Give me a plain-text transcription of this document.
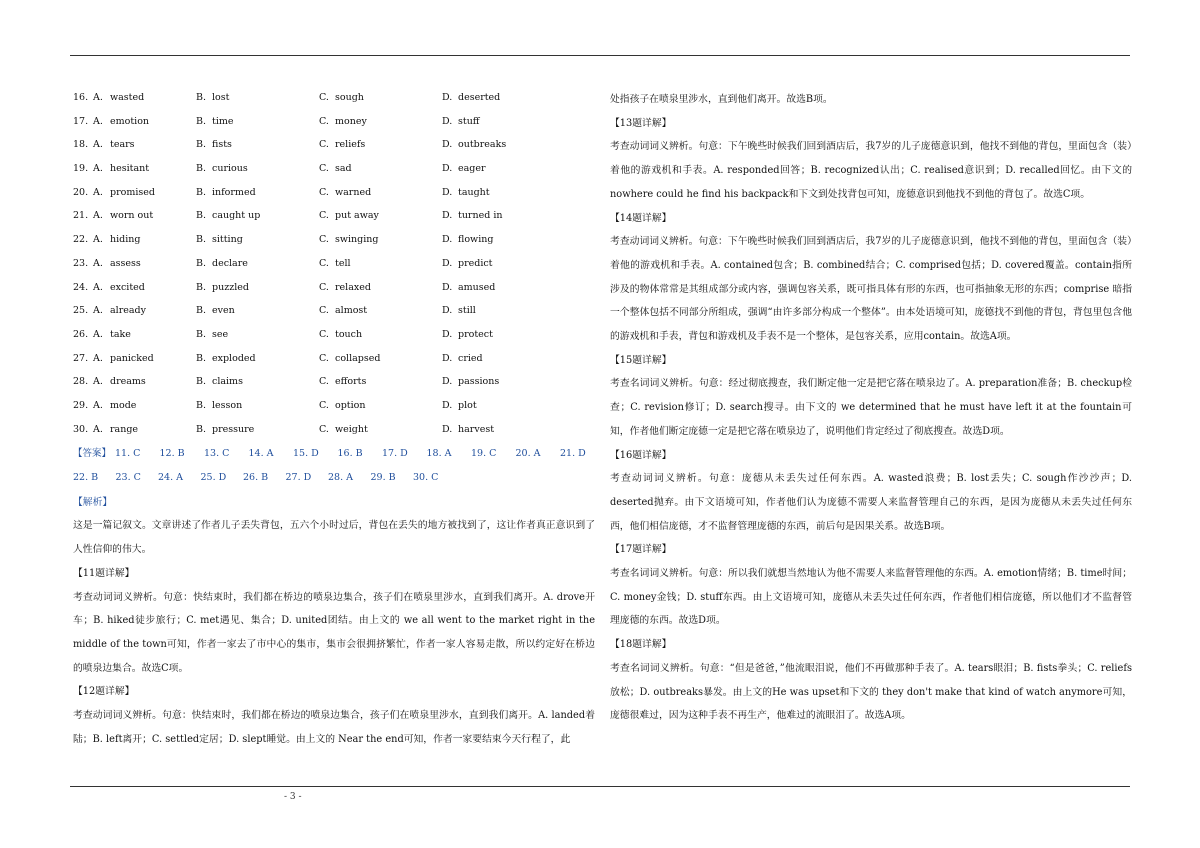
16. A. wasted	B. lost	C. sough	D. deserted
17. A. emotion	B. time	C. money	D. stuff
18. A. tears	B. fists	C. reliefs	D. outbreaks
19. A. hesitant	B. curious	C. sad	D. eager
20. A. promised	B. informed	C. warned	D. taught
21. A. worn out	B. caught up	C. put away	D. turned in
22. A. hiding	B. sitting	C. swinging	D. flowing
23. A. assess	B. declare	C. tell	D. predict
24. A. excited	B. puzzled	C. relaxed	D. amused
25. A. already	B. even	C. almost	D. still
26. A. take	B. see	C. touch	D. protect
27. A. panicked	B. exploded	C. collapsed	D. cried
28. A. dreams	B. claims	C. efforts	D. passions
29. A. mode	B. lesson	C. option	D. plot
30. A. range	B. pressure	C. weight	D. harvest
【答案】 11. C 12. B 13. C 14. A 15. D 16. B 17. D 18. A 19. C 20. A 21. D
22. B 23. C 24. A 25. D 26. B 27. D 28. A 29. B 30. C

【解析】

这是一篇记叙文。文章讲述了作者儿子丢失背包，五六个小时过后，背包在丢失的地方被找到了，这让作者真正意识到了人性信仰的伟大。

【11题详解】

考查动词词义辨析。句意：快结束时，我们都在桥边的喷泉边集合，孩子们在喷泉里涉水，直到我们离开。A. drove开车；B. hiked徒步旅行；C. met遇见、集合；D. united团结。由上文的 we all went to the market right in the middle of the town可知，作者一家去了市中心的集市，集市会很拥挤繁忙，作者一家人容易走散，所以约定好在桥边的喷泉边集合。故选C项。

【12题详解】

考查动词词义辨析。句意：快结束时，我们都在桥边的喷泉边集合，孩子们在喷泉里涉水，直到我们离开。A. landed着陆；B. left离开；C. settled定居；D. slept睡觉。由上文的 Near the end可知，作者一家要结束今天行程了，此

处指孩子在喷泉里涉水，直到他们离开。故选B项。

【13题详解】

考查动词词义辨析。句意：下午晚些时候我们回到酒店后，我7岁的儿子庞德意识到，他找不到他的背包，里面包含（装）着他的游戏机和手表。A. responded回答；B. recognized认出；C. realised意识到；D. recalled回忆。由下文的 nowhere could he find his backpack和下文到处找背包可知，庞德意识到他找不到他的背包了。故选C项。

【14题详解】

考查动词词义辨析。句意：下午晚些时候我们回到酒店后，我7岁的儿子庞德意识到，他找不到他的背包，里面包含（装）着他的游戏机和手表。A. contained包含；B. combined结合；C. comprised包括；D. covered覆盖。contain指所涉及的物体常常是其组成部分或内容，强调包容关系，既可指具体有形的东西，也可指抽象无形的东西；comprise 暗指一个整体包括不同部分所组成，强调“由许多部分构成一个整体”。由本处语境可知，庞德找不到他的背包，背包里包含他的游戏机和手表，背包和游戏机及手表不是一个整体，是包容关系，应用contain。故选A项。

【15题详解】

考查名词词义辨析。句意：经过彻底搜查，我们断定他一定是把它落在喷泉边了。A. preparation准备；B. checkup检查；C. revision修订；D. search搜寻。由下文的 we determined that he must have left it at the fountain可知，作者他们断定庞德一定是把它落在喷泉边了，说明他们肯定经过了彻底搜查。故选D项。

【16题详解】

考查动词词义辨析。句意：庞德从未丢失过任何东西。A. wasted浪费；B. lost丢失；C. sough作沙沙声；D. deserted抛弃。由下文语境可知，作者他们认为庞德不需要人来监督管理自己的东西，是因为庞德从未丢失过任何东西，他们相信庞德，才不监督管理庞德的东西，前后句是因果关系。故选B项。

【17题详解】

考查名词词义辨析。句意：所以我们就想当然地认为他不需要人来监督管理他的东西。A. emotion情绪；B. time时间；C. money金钱；D. stuff东西。由上文语境可知，庞德从未丢失过任何东西，作者他们相信庞德，所以他们才不监督管理庞德的东西。故选D项。

【18题详解】

考查名词词义辨析。句意：“但是爸爸，”他流眼泪说，他们不再做那种手表了。A. tears眼泪；B. fists拳头；C. reliefs放松；D. outbreaks暴发。由上文的He was upset和下文的 they don't make that kind of watch anymore可知，庞德很难过，因为这种手表不再生产，他难过的流眼泪了。故选A项。

- 3 -
